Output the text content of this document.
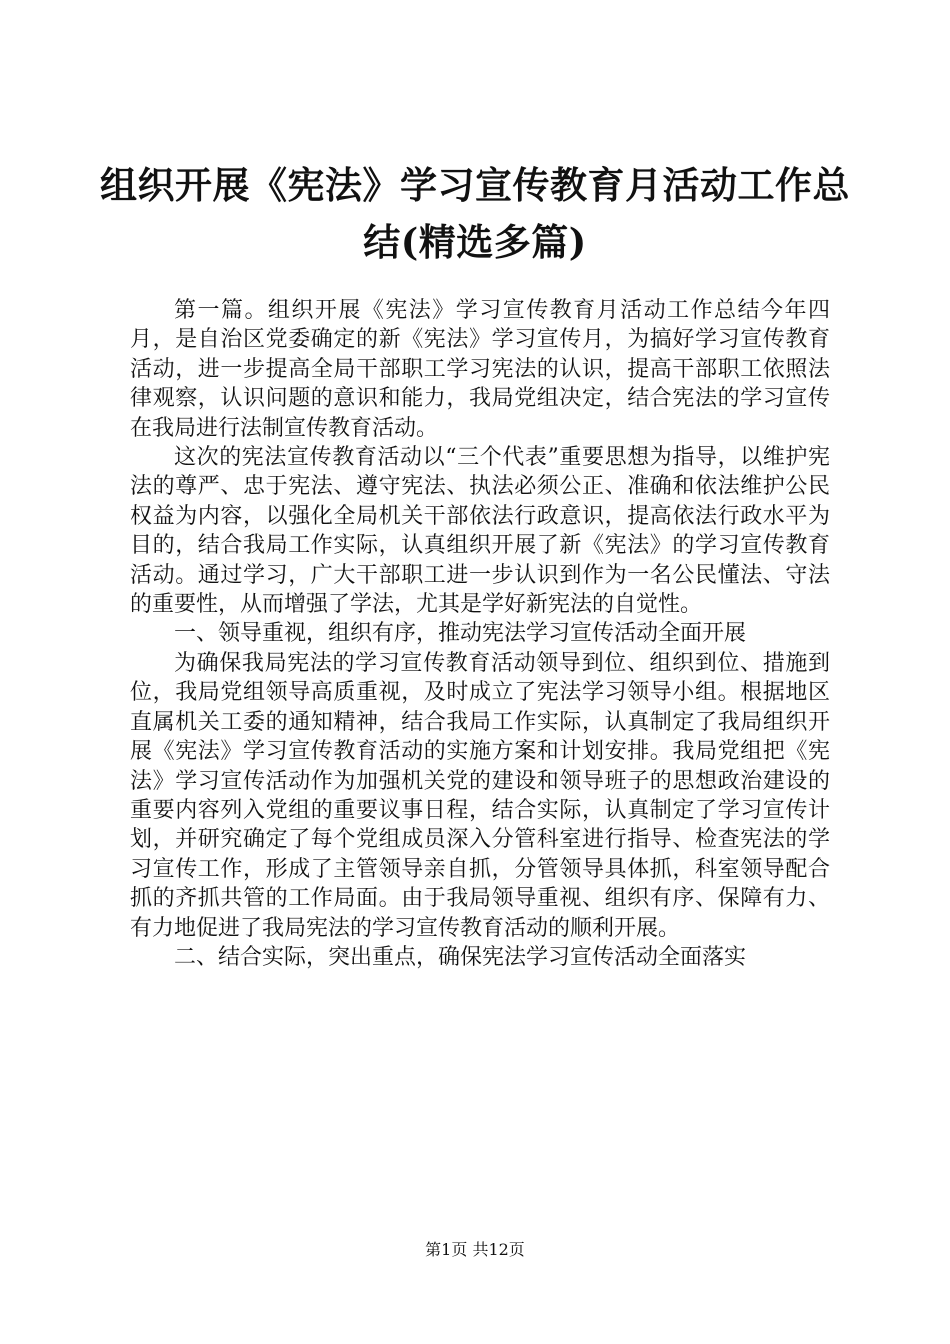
组织开展《宪法》学习宣传教育月活动工作总
结(精选多篇)

第一篇。组织开展《宪法》学习宣传教育月活动工作总结今年四月，是自治区党委确定的新《宪法》学习宣传月，为搞好学习宣传教育活动，进一步提高全局干部职工学习宪法的认识，提高干部职工依照法律观察，认识问题的意识和能力，我局党组决定，结合宪法的学习宣传在我局进行法制宣传教育活动。

这次的宪法宣传教育活动以“三个代表”重要思想为指导，以维护宪法的尊严、忠于宪法、遵守宪法、执法必须公正、准确和依法维护公民权益为内容，以强化全局机关干部依法行政意识，提高依法行政水平为目的，结合我局工作实际，认真组织开展了新《宪法》的学习宣传教育活动。通过学习，广大干部职工进一步认识到作为一名公民懂法、守法的重要性，从而增强了学法，尤其是学好新宪法的自觉性。

一、领导重视，组织有序，推动宪法学习宣传活动全面开展

为确保我局宪法的学习宣传教育活动领导到位、组织到位、措施到位，我局党组领导高质重视，及时成立了宪法学习领导小组。根据地区直属机关工委的通知精神，结合我局工作实际，认真制定了我局组织开展《宪法》学习宣传教育活动的实施方案和计划安排。我局党组把《宪法》学习宣传活动作为加强机关党的建设和领导班子的思想政治建设的重要内容列入党组的重要议事日程，结合实际，认真制定了学习宣传计划，并研究确定了每个党组成员深入分管科室进行指导、检查宪法的学习宣传工作，形成了主管领导亲自抓，分管领导具体抓，科室领导配合抓的齐抓共管的工作局面。由于我局领导重视、组织有序、保障有力、有力地促进了我局宪法的学习宣传教育活动的顺利开展。

二、结合实际，突出重点，确保宪法学习宣传活动全面落实

第1页 共12页
